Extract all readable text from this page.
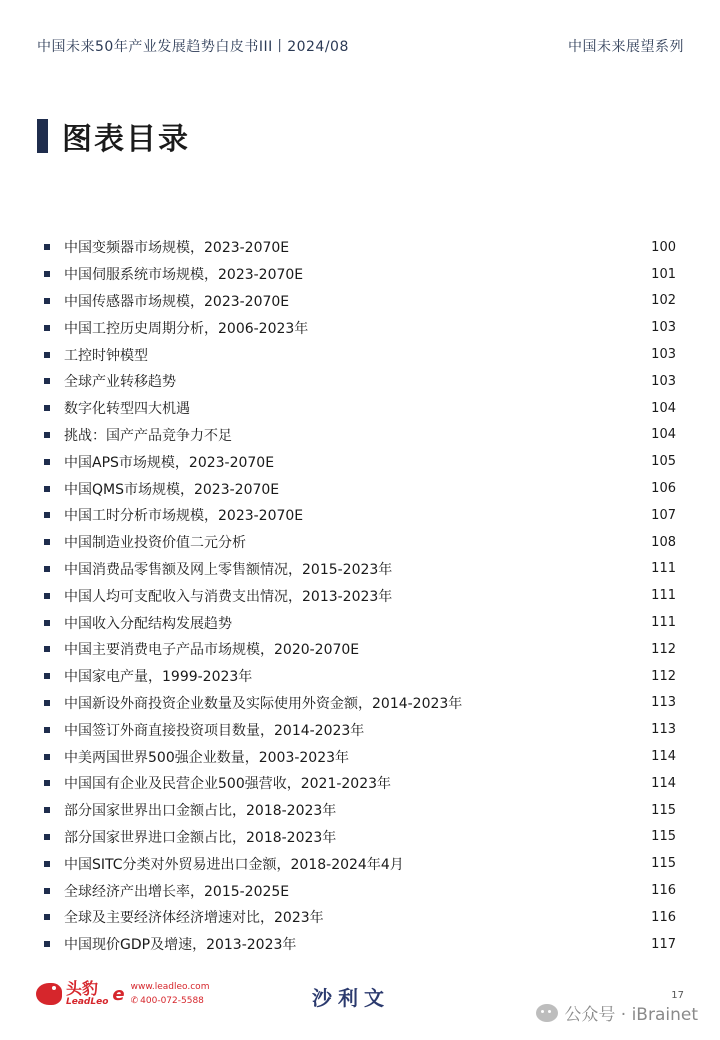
中国未来50年产业发展趋势白皮书III丨2024/08	中国未来展望系列
图表目录
中国变频器市场规模，2023-2070E	100
中国伺服系统市场规模，2023-2070E	101
中国传感器市场规模，2023-2070E	102
中国工控历史周期分析，2006-2023年	103
工控时钟模型	103
全球产业转移趋势	103
数字化转型四大机遇	104
挑战：国产产品竞争力不足	104
中国APS市场规模，2023-2070E	105
中国QMS市场规模，2023-2070E	106
中国工时分析市场规模，2023-2070E	107
中国制造业投资价值二元分析	108
中国消费品零售额及网上零售额情况，2015-2023年	111
中国人均可支配收入与消费支出情况，2013-2023年	111
中国收入分配结构发展趋势	111
中国主要消费电子产品市场规模，2020-2070E	112
中国家电产量，1999-2023年	112
中国新设外商投资企业数量及实际使用外资金额，2014-2023年	113
中国签订外商直接投资项目数量，2014-2023年	113
中美两国世界500强企业数量，2003-2023年	114
中国国有企业及民营企业500强营收，2021-2023年	114
部分国家世界出口金额占比，2018-2023年	115
部分国家世界进口金额占比，2018-2023年	115
中国SITC分类对外贸易进出口金额，2018-2024年4月	115
全球经济产出增长率，2015-2025E	116
全球及主要经济体经济增速对比，2023年	116
中国现价GDP及增速，2013-2023年	117
头豹
LeadLeo e www.leadleo.com
✆ 400-072-5588	沙利文	17
公众号 · iBrainet
